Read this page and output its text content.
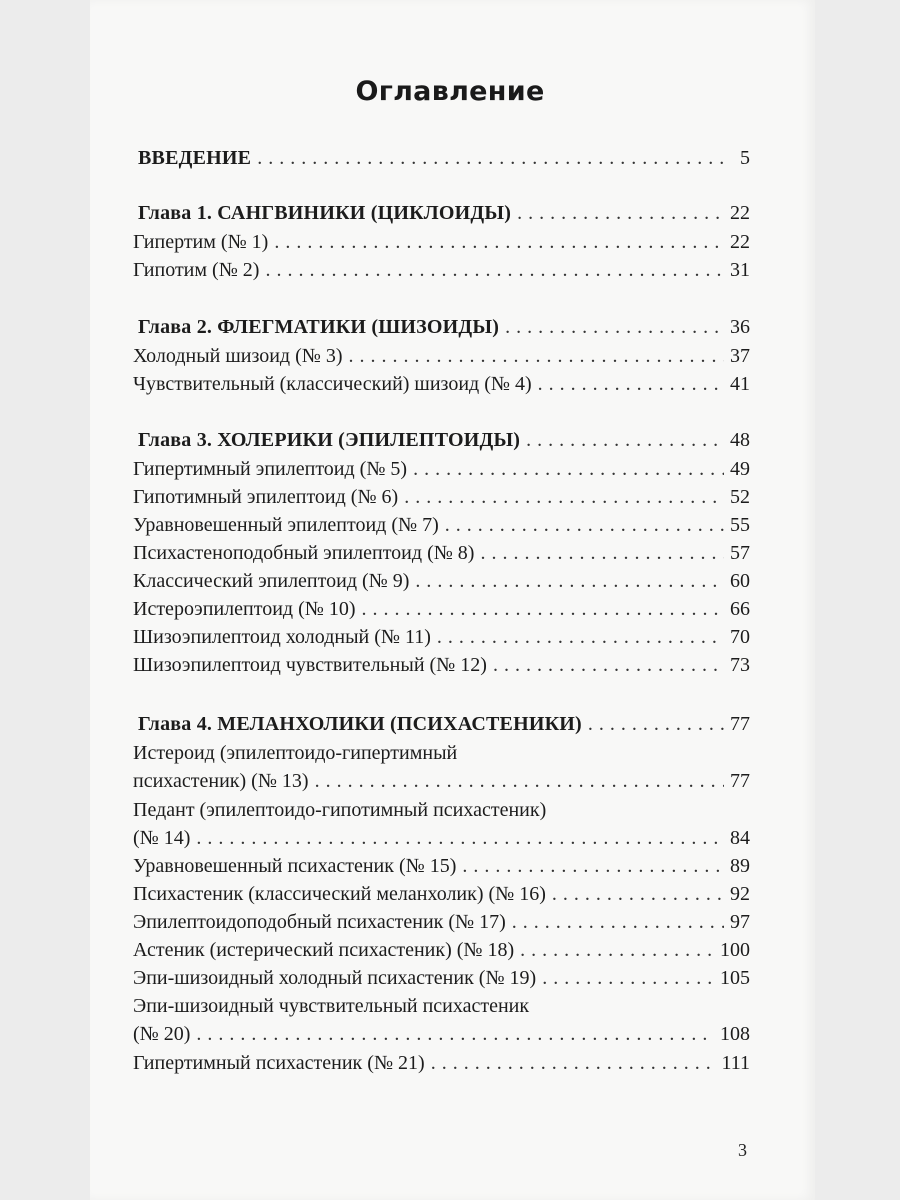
Оглавление
ВВЕДЕНИЕ . . .	5
Глава 1. САНГВИНИКИ (ЦИКЛОИДЫ) . . .	22
Гипертим (№ 1) . . .	22
Гипотим (№ 2) . . .	31
Глава 2. ФЛЕГМАТИКИ (ШИЗОИДЫ) . . .	36
Холодный шизоид (№ 3) . . .	37
Чувствительный (классический) шизоид (№ 4) . . .	41
Глава 3. ХОЛЕРИКИ (ЭПИЛЕПТОИДЫ) . . .	48
Гипертимный эпилептоид (№ 5) . . .	49
Гипотимный эпилептоид (№ 6) . . .	52
Уравновешенный эпилептоид (№ 7) . . .	55
Психастеноподобный эпилептоид (№ 8) . . .	57
Классический эпилептоид (№ 9) . . .	60
Истероэпилептоид (№ 10) . . .	66
Шизоэпилептоид холодный (№ 11) . . .	70
Шизоэпилептоид чувствительный (№ 12) . . .	73
Глава 4. МЕЛАНХОЛИКИ (ПСИХАСТЕНИКИ) . . .	77
Истероид (эпилептоидо-гипертимный
психастеник) (№ 13) . . .	77
Педант (эпилептоидо-гипотимный психастеник)
(№ 14) . . .	84
Уравновешенный психастеник (№ 15) . . .	89
Психастеник (классический меланхолик) (№ 16) . . .	92
Эпилептоидоподобный психастеник (№ 17) . . .	97
Астеник (истерический психастеник) (№ 18) . . .	100
Эпи-шизоидный холодный психастеник (№ 19) . . .	105
Эпи-шизоидный чувствительный психастеник
(№ 20) . . .	108
Гипертимный психастеник (№ 21) . . .	111
3
